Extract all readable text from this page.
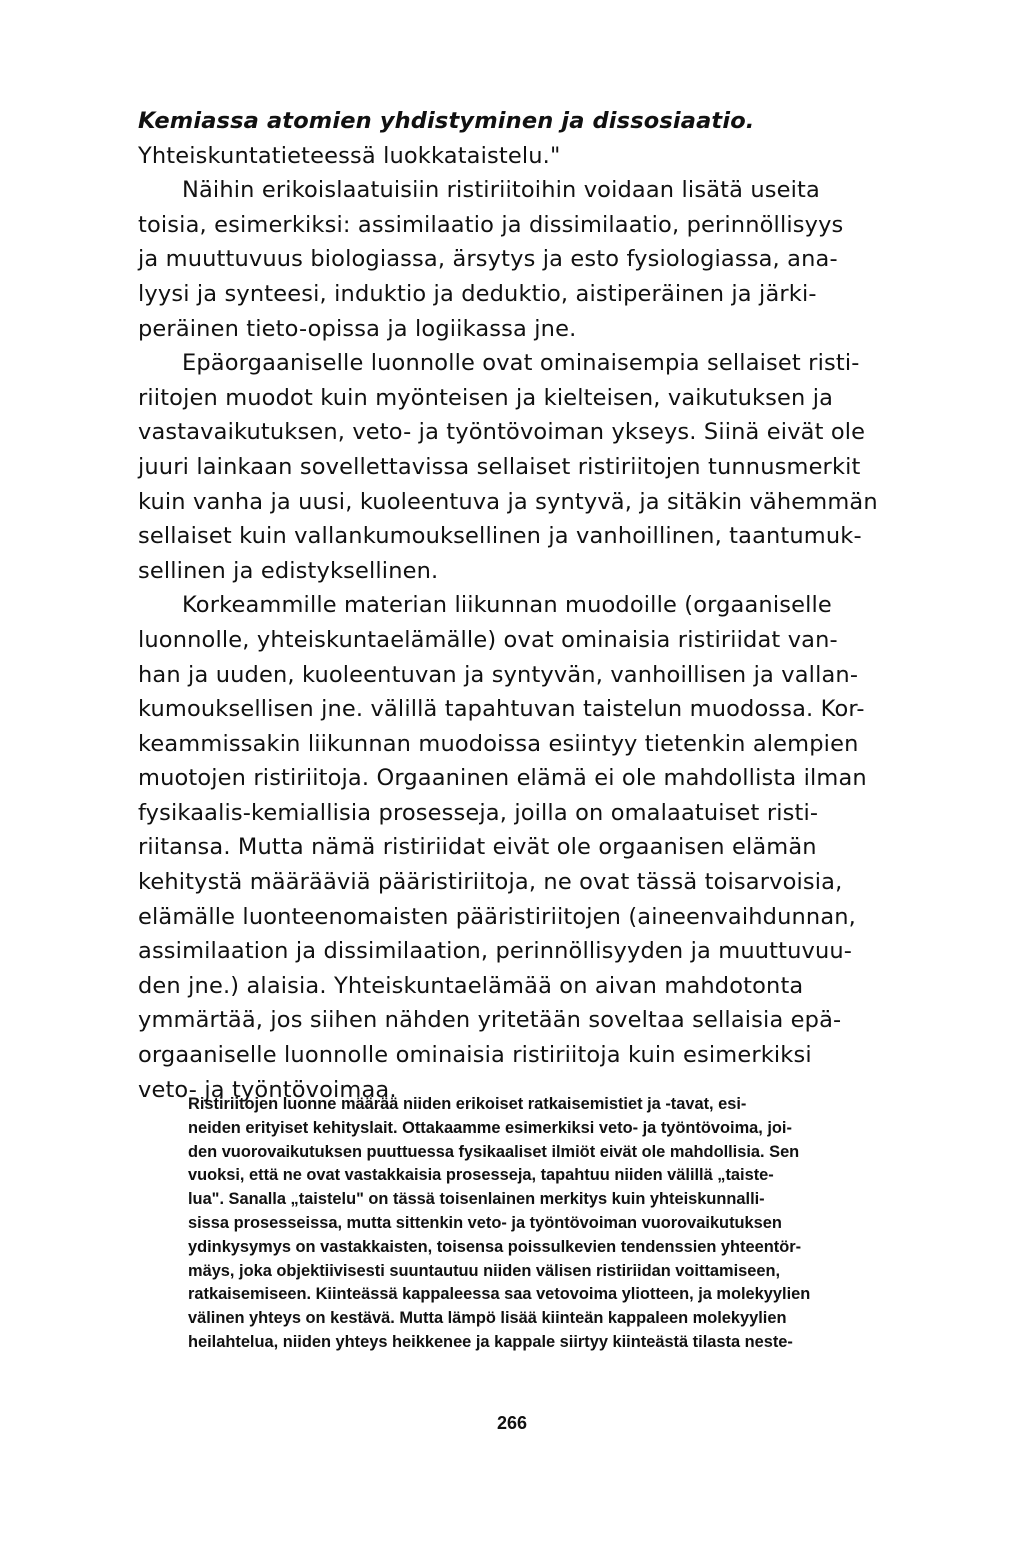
Kemiassa atomien yhdistyminen ja dissosiaatio.
Yhteiskuntatieteessä luokkataistelu."
Näihin erikoislaatuisiin ristiriitoihin voidaan lisätä useita
toisia, esimerkiksi: assimilaatio ja dissimilaatio, perinnöllisyys
ja muuttuvuus biologiassa, ärsytys ja esto fysiologiassa, ana-
lyysi ja synteesi, induktio ja deduktio, aistiperäinen ja järki-
peräinen tieto-opissa ja logiikassa jne.
Epäorgaaniselle luonnolle ovat ominaisempia sellaiset risti-
riitojen muodot kuin myönteisen ja kielteisen, vaikutuksen ja
vastavaikutuksen, veto- ja työntövoiman ykseys. Siinä eivät ole
juuri lainkaan sovellettavissa sellaiset ristiriitojen tunnusmerkit
kuin vanha ja uusi, kuoleentuva ja syntyvä, ja sitäkin vähemmän
sellaiset kuin vallankumouksellinen ja vanhoillinen, taantumuk-
sellinen ja edistyksellinen.
Korkeammille materian liikunnan muodoille (orgaaniselle
luonnolle, yhteiskuntaelämälle) ovat ominaisia ristiriidat van-
han ja uuden, kuoleentuvan ja syntyvän, vanhoillisen ja vallan-
kumouksellisen jne. välillä tapahtuvan taistelun muodossa. Kor-
keammissakin liikunnan muodoissa esiintyy tietenkin alempien
muotojen ristiriitoja. Orgaaninen elämä ei ole mahdollista ilman
fysikaalis-kemiallisia prosesseja, joilla on omalaatuiset risti-
riitansa. Mutta nämä ristiriidat eivät ole orgaanisen elämän
kehitystä määrääviä pääristiriitoja, ne ovat tässä toisarvoisia,
elämälle luonteenomaisten pääristiriitojen (aineenvaihdunnan,
assimilaation ja dissimilaation, perinnöllisyyden ja muuttuvuu-
den jne.) alaisia. Yhteiskuntaelämää on aivan mahdotonta
ymmärtää, jos siihen nähden yritetään soveltaa sellaisia epä-
orgaaniselle luonnolle ominaisia ristiriitoja kuin esimerkiksi
veto- ja työntövoimaa.
Ristiriitojen luonne määrää niiden erikoiset ratkaisemistiet ja -tavat, esi-
neiden erityiset kehityslait. Ottakaamme esimerkiksi veto- ja työntövoima, joi-
den vuorovaikutuksen puuttuessa fysikaaliset ilmiöt eivät ole mahdollisia. Sen
vuoksi, että ne ovat vastakkaisia prosesseja, tapahtuu niiden välillä „taiste-
lua". Sanalla „taistelu" on tässä toisenlainen merkitys kuin yhteiskunnalli-
sissa prosesseissa, mutta sittenkin veto- ja työntövoiman vuorovaikutuksen
ydinkysymys on vastakkaisten, toisensa poissulkevien tendenssien yhteentör-
mäys, joka objektiivisesti suuntautuu niiden välisen ristiriidan voittamiseen,
ratkaisemiseen. Kiinteässä kappaleessa saa vetovoima yliotteen, ja molekyylien
välinen yhteys on kestävä. Mutta lämpö lisää kiinteän kappaleen molekyylien
heilahtelua, niiden yhteys heikkenee ja kappale siirtyy kiinteästä tilasta neste-
266
